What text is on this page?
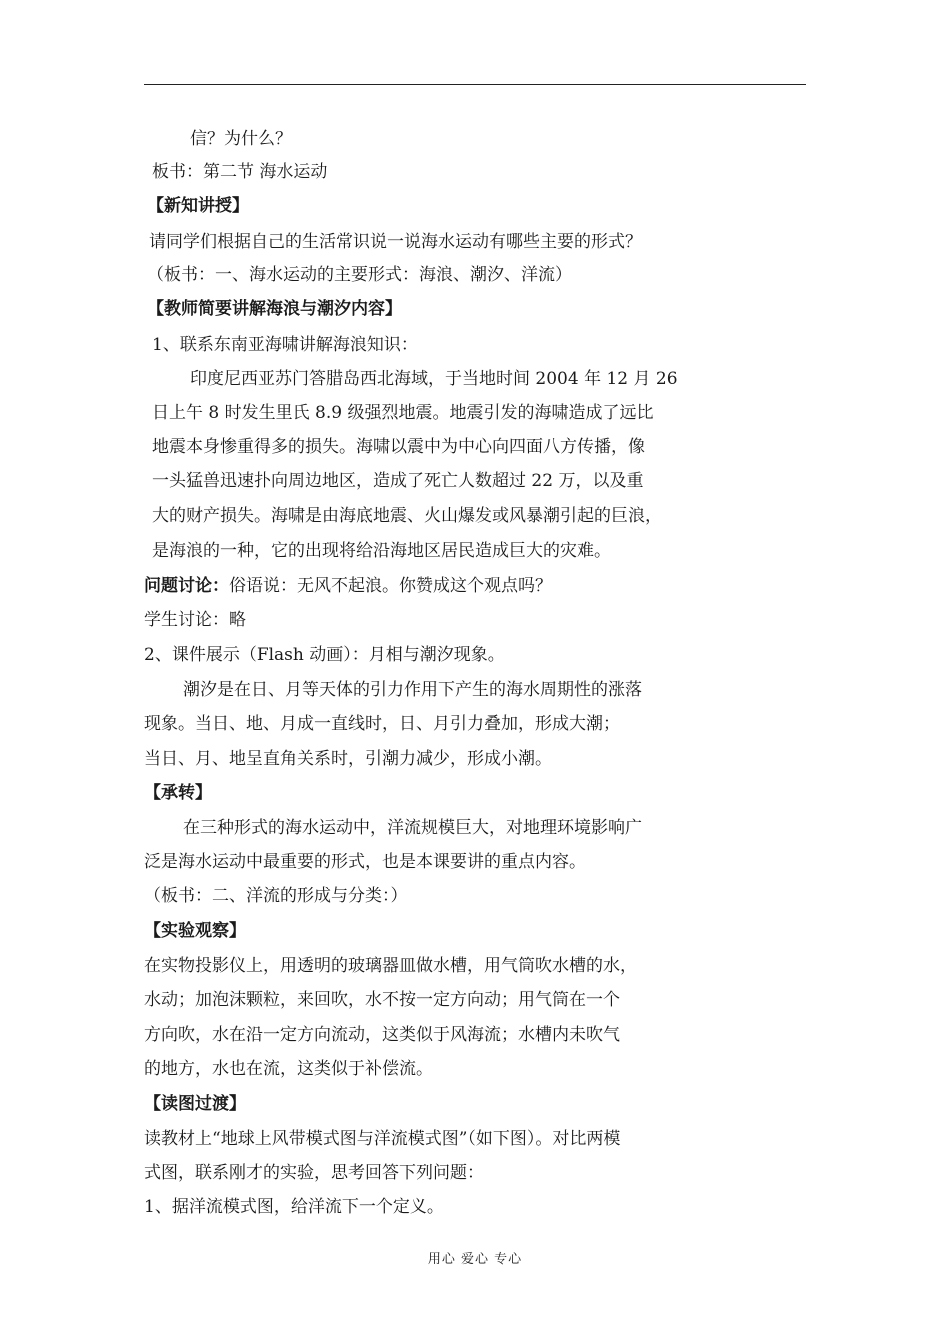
信？为什么？
板书：第二节 海水运动
【新知讲授】
请同学们根据自己的生活常识说一说海水运动有哪些主要的形式？
（板书：一、海水运动的主要形式：海浪、潮汐、洋流）
【教师简要讲解海浪与潮汐内容】
1、联系东南亚海啸讲解海浪知识：
印度尼西亚苏门答腊岛西北海域，于当地时间 2004 年 12 月 26
日上午 8 时发生里氏 8.9 级强烈地震。地震引发的海啸造成了远比
地震本身惨重得多的损失。海啸以震中为中心向四面八方传播，像
一头猛兽迅速扑向周边地区，造成了死亡人数超过 22 万，以及重
大的财产损失。海啸是由海底地震、火山爆发或风暴潮引起的巨浪，
是海浪的一种，它的出现将给沿海地区居民造成巨大的灾难。
问题讨论：俗语说：无风不起浪。你赞成这个观点吗？
学生讨论：略
2、课件展示（Flash 动画）：月相与潮汐现象。
潮汐是在日、月等天体的引力作用下产生的海水周期性的涨落
现象。当日、地、月成一直线时，日、月引力叠加，形成大潮；
当日、月、地呈直角关系时，引潮力减少，形成小潮。
【承转】
在三种形式的海水运动中，洋流规模巨大，对地理环境影响广
泛是海水运动中最重要的形式，也是本课要讲的重点内容。
（板书：二、洋流的形成与分类：）
【实验观察】
在实物投影仪上，用透明的玻璃器皿做水槽，用气筒吹水槽的水，
水动；加泡沫颗粒，来回吹，水不按一定方向动；用气筒在一个
方向吹，水在沿一定方向流动，这类似于风海流；水槽内未吹气
的地方，水也在流，这类似于补偿流。
【读图过渡】
读教材上“地球上风带模式图与洋流模式图”（如下图）。对比两模
式图，联系刚才的实验，思考回答下列问题：
1、据洋流模式图，给洋流下一个定义。
用心 爱心 专心
